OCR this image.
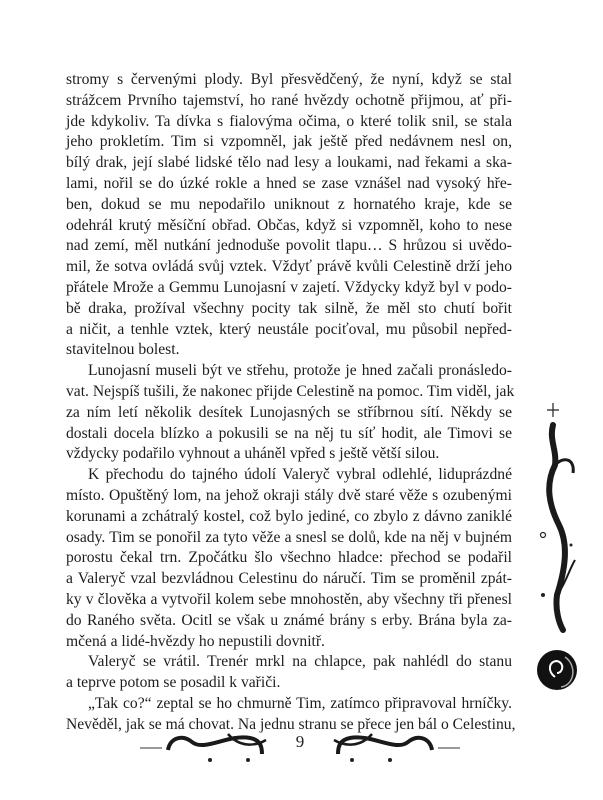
stromy s červenými plody. Byl přesvědčený, že nyní, když se stal
strážcem Prvního tajemství, ho rané hvězdy ochotně přijmou, ať při-
jde kdykoliv. Ta dívka s fialovýma očima, o které tolik snil, se stala
jeho prokletím. Tim si vzpomněl, jak ještě před nedávnem nesl on,
bílý drak, její slabé lidské tělo nad lesy a loukami, nad řekami a ska-
lami, nořil se do úzké rokle a hned se zase vznášel nad vysoký hře-
ben, dokud se mu nepodařilo uniknout z hornatého kraje, kde se
odehrál krutý měsíční obřad. Občas, když si vzpomněl, koho to nese
nad zemí, měl nutkání jednoduše povolit tlapu… S hrůzou si uvědo-
mil, že sotva ovládá svůj vztek. Vždyť právě kvůli Celestině drží jeho
přátele Mrože a Gemmu Lunojasní v zajetí. Vždycky když byl v podo-
bě draka, prožíval všechny pocity tak silně, že měl sto chutí bořit
a ničit, a tenhle vztek, který neustále pociťoval, mu působil nepřed-
stavitelnou bolest.
Lunojasní museli být ve střehu, protože je hned začali pronásledo-
vat. Nejspíš tušili, že nakonec přijde Celestině na pomoc. Tim viděl, jak
za ním letí několik desítek Lunojasných se stříbrnou sítí. Někdy se
dostali docela blízko a pokusili se na něj tu síť hodit, ale Timovi se
vždycky podařilo vyhnout a uháněl vpřed s ještě větší silou.
K přechodu do tajného údolí Valeryč vybral odlehlé, liduprázdné
místo. Opuštěný lom, na jehož okraji stály dvě staré věže s ozubenými
korunami a zchátralý kostel, což bylo jediné, co zbylo z dávno zaniklé
osady. Tim se ponořil za tyto věže a snesl se dolů, kde na něj v bujném
porostu čekal trn. Zpočátku šlo všechno hladce: přechod se podařil
a Valeryč vzal bezvládnou Celestinu do náručí. Tim se proměnil zpát-
ky v člověka a vytvořil kolem sebe mnohostěn, aby všechny tři přenesl
do Raného světa. Ocitl se však u známé brány s erby. Brána byla za-
mčená a lidé-hvězdy ho nepustili dovnitř.
Valeryč se vrátil. Trenér mrkl na chlapce, pak nahlédl do stanu
a teprve potom se posadil k vařiči.
„Tak co?“ zeptal se ho chmurně Tim, zatímco připravoval hrníčky.
Nevěděl, jak se má chovat. Na jednu stranu se přece jen bál o Celestinu,
9
